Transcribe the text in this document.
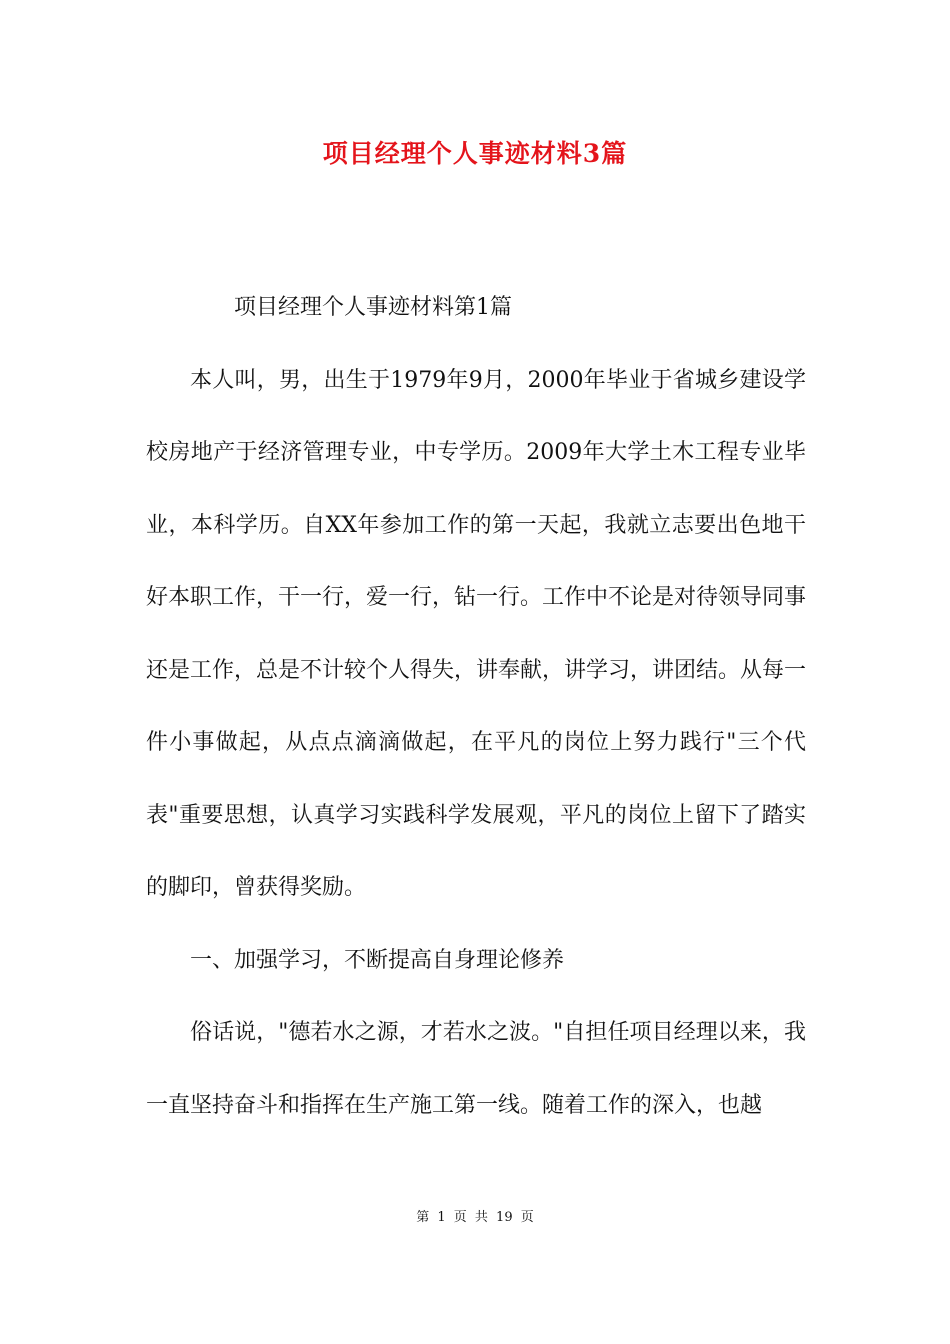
项目经理个人事迹材料3篇

项目经理个人事迹材料第1篇

本人叫，男，出生于1979年9月，2000年毕业于省城乡建设学校房地产于经济管理专业，中专学历。2009年大学土木工程专业毕业，本科学历。自XX年参加工作的第一天起，我就立志要出色地干好本职工作，干一行，爱一行，钻一行。工作中不论是对待领导同事还是工作，总是不计较个人得失，讲奉献，讲学习，讲团结。从每一件小事做起，从点点滴滴做起，在平凡的岗位上努力践行"三个代表"重要思想，认真学习实践科学发展观，平凡的岗位上留下了踏实的脚印，曾获得奖励。

一、加强学习，不断提高自身理论修养

俗话说，"德若水之源，才若水之波。"自担任项目经理以来，我一直坚持奋斗和指挥在生产施工第一线。随着工作的深入，也越

第 1 页 共 19 页
